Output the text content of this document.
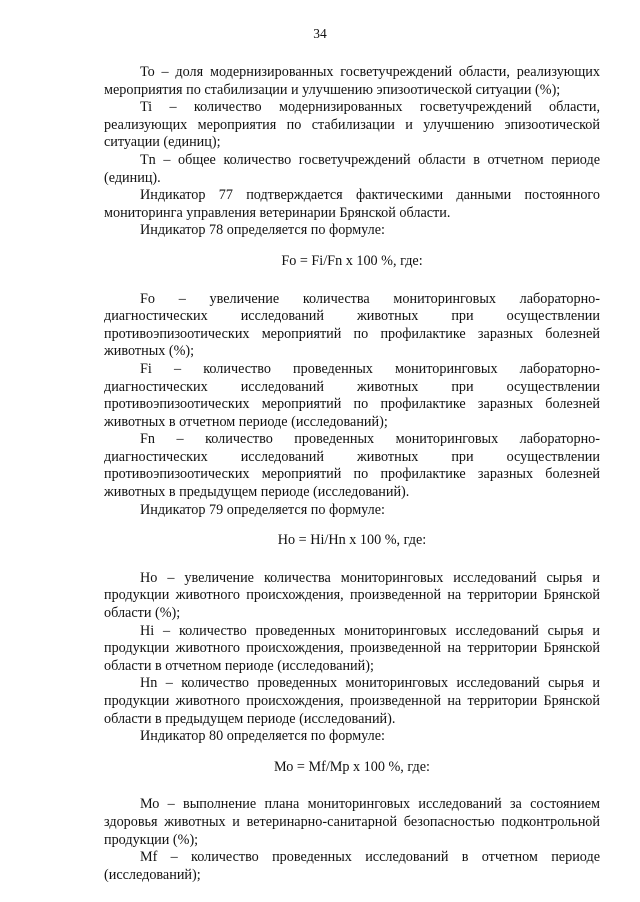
34

То – доля модернизированных госветучреждений области, реализующих мероприятия по стабилизации и улучшению эпизоотической ситуации (%);

Ti – количество модернизированных госветучреждений области, реализующих мероприятия по стабилизации и улучшению эпизоотической ситуации (единиц);

Тn – общее количество госветучреждений области в отчетном периоде (единиц).

Индикатор 77 подтверждается фактическими данными постоянного мониторинга управления ветеринарии Брянской области.

Индикатор 78 определяется по формуле:

Fo = Fi/Fn x 100 %, где:

Fo – увеличение количества мониторинговых лабораторно-диагностических исследований животных при осуществлении противоэпизоотических мероприятий по профилактике заразных болезней животных (%);

Fi – количество проведенных мониторинговых лабораторно-диагностических исследований животных при осуществлении противоэпизоотических мероприятий по профилактике заразных болезней животных в отчетном периоде (исследований);

Fn – количество проведенных мониторинговых лабораторно-диагностических исследований животных при осуществлении противоэпизоотических мероприятий по профилактике заразных болезней животных в предыдущем периоде (исследований).

Индикатор 79 определяется по формуле:

Но = Hi/Hn x 100 %, где:

Но – увеличение количества мониторинговых исследований сырья и продукции животного происхождения, произведенной на территории Брянской области (%);

Hi – количество проведенных мониторинговых исследований сырья и продукции животного происхождения, произведенной на территории Брянской области в отчетном периоде (исследований);

Hn – количество проведенных мониторинговых исследований сырья и продукции животного происхождения, произведенной на территории Брянской области в предыдущем периоде (исследований).

Индикатор 80 определяется по формуле:

Мо = Mf/Mp x 100 %, где:

Мо – выполнение плана мониторинговых исследований за состоянием здоровья животных и ветеринарно-санитарной безопасностью подконтрольной продукции (%);

Mf – количество проведенных исследований в отчетном периоде (исследований);
